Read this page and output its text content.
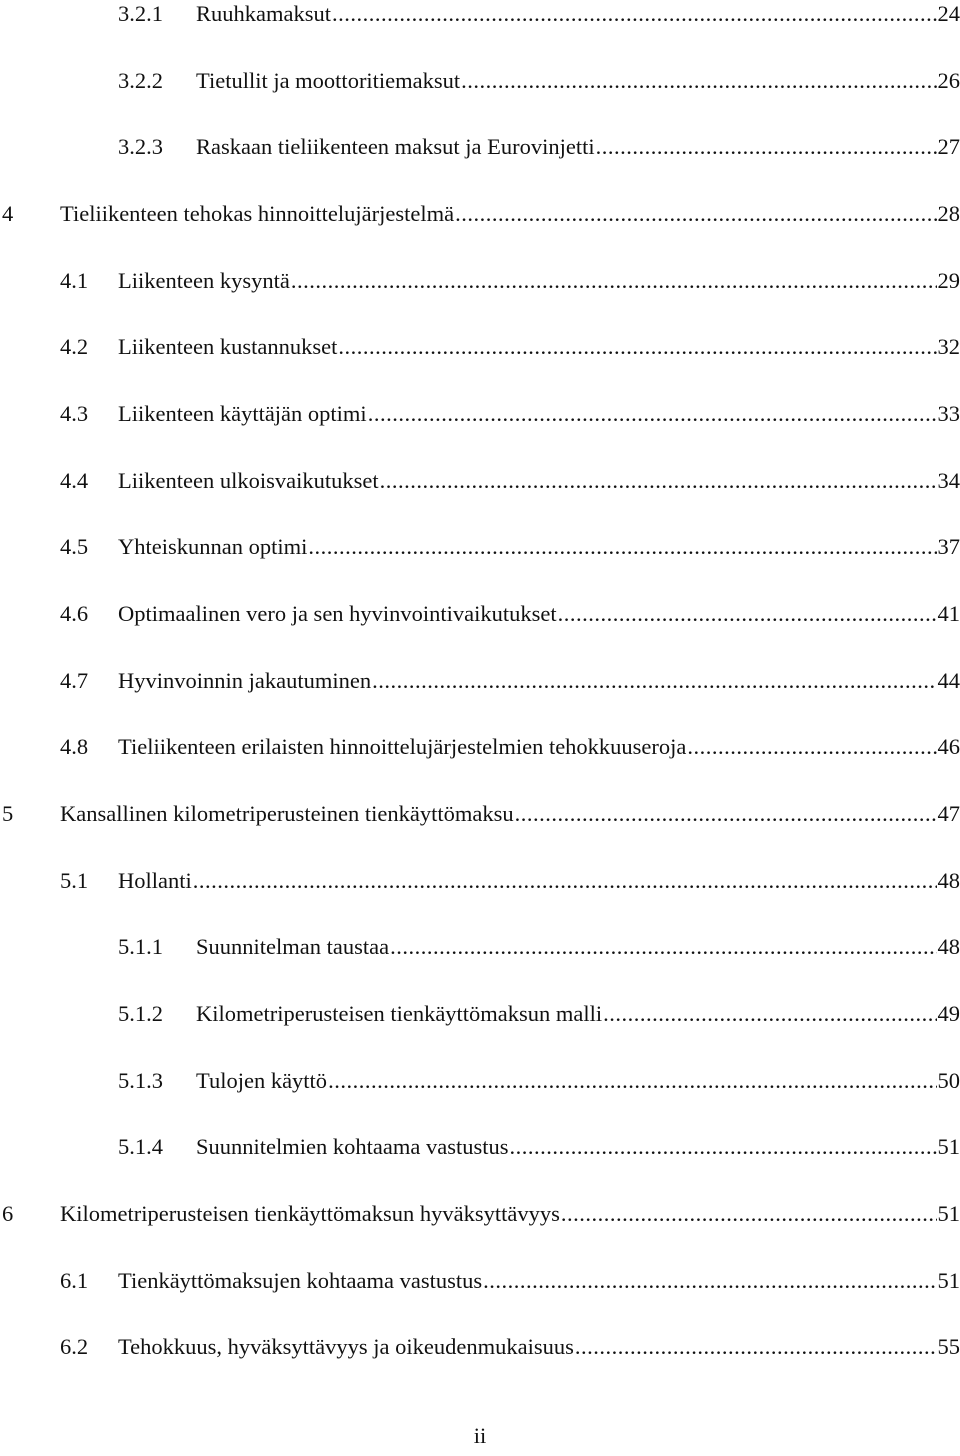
3.2.1 Ruuhkamaksut .....	24
3.2.2 Tietullit ja moottoritiemaksut .....	26
3.2.3 Raskaan tieliikenteen maksut ja Eurovinjetti .....	27
4 Tieliikenteen tehokas hinnoittelujärjestelmä .....	28
4.1 Liikenteen kysyntä .....	29
4.2 Liikenteen kustannukset .....	32
4.3 Liikenteen käyttäjän optimi .....	33
4.4 Liikenteen ulkoisvaikutukset .....	34
4.5 Yhteiskunnan optimi .....	37
4.6 Optimaalinen vero ja sen hyvinvointivaikutukset .....	41
4.7 Hyvinvoinnin jakautuminen .....	44
4.8 Tieliikenteen erilaisten hinnoittelujärjestelmien tehokkuuseroja .....	46
5 Kansallinen kilometriperusteinen tienkäyttömaksu .....	47
5.1 Hollanti .....	48
5.1.1 Suunnitelman taustaa .....	48
5.1.2 Kilometriperusteisen tienkäyttömaksun malli .....	49
5.1.3 Tulojen käyttö .....	50
5.1.4 Suunnitelmien kohtaama vastustus .....	51
6 Kilometriperusteisen tienkäyttömaksun hyväksyttävyys .....	51
6.1 Tienkäyttömaksujen kohtaama vastustus .....	51
6.2 Tehokkuus, hyväksyttävyys ja oikeudenmukaisuus .....	55
ii
